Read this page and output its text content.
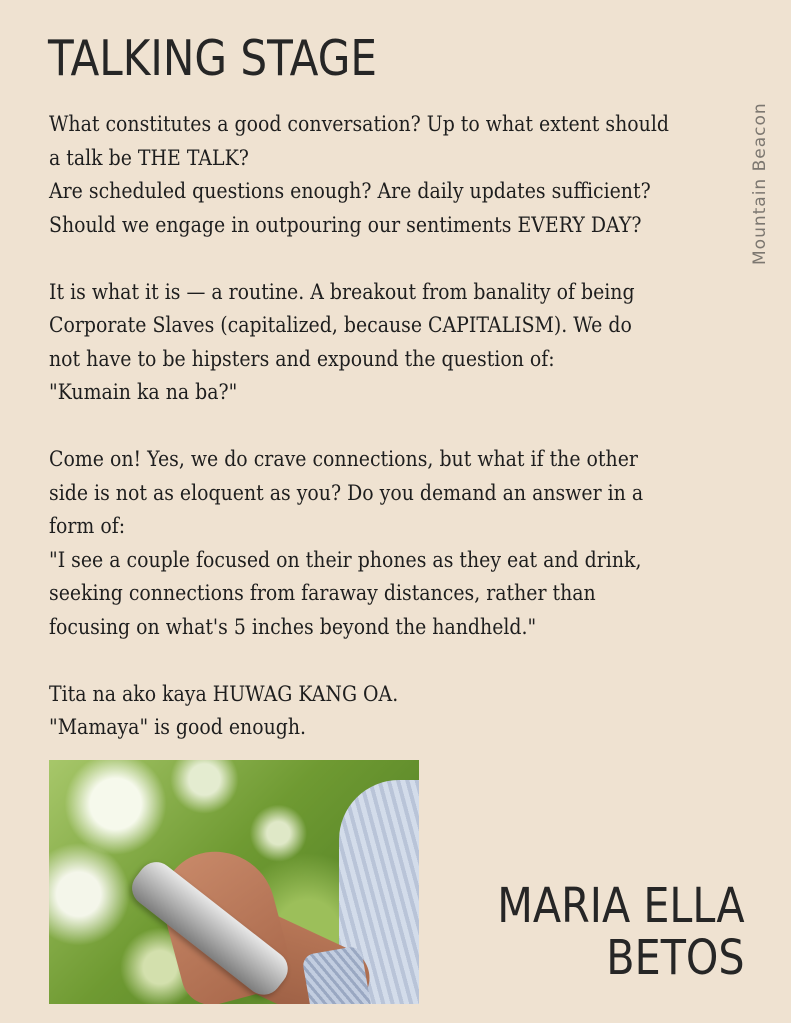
TALKING STAGE
Mountain Beacon
What constitutes a good conversation? Up to what extent should
a talk be THE TALK?
Are scheduled questions enough? Are daily updates sufficient?
Should we engage in outpouring our sentiments EVERY DAY?
It is what it is — a routine. A breakout from banality of being
Corporate Slaves (capitalized, because CAPITALISM). We do
not have to be hipsters and expound the question of:
"Kumain ka na ba?"
Come on! Yes, we do crave connections, but what if the other
side is not as eloquent as you? Do you demand an answer in a
form of:
"I see a couple focused on their phones as they eat and drink,
seeking connections from faraway distances, rather than
focusing on what's 5 inches beyond the handheld."
Tita na ako kaya HUWAG KANG OA.
"Mamaya" is good enough.
MARIA ELLA
BETOS
